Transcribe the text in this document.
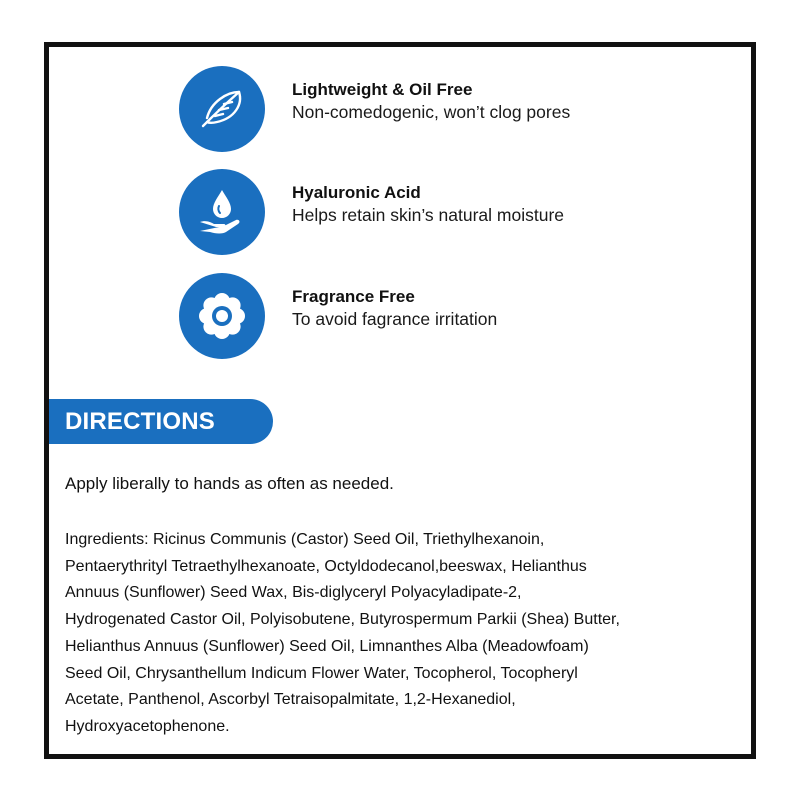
Lightweight & Oil Free
Non-comedogenic, won’t clog pores
Hyaluronic Acid
Helps retain skin’s natural moisture
Fragrance Free
To avoid fagrance irritation
DIRECTIONS
Apply liberally to hands as often as needed.
Ingredients: Ricinus Communis (Castor) Seed Oil, Triethylhexanoin,
Pentaerythrityl Tetraethylhexanoate, Octyldodecanol,beeswax, Helianthus
Annuus (Sunflower) Seed Wax, Bis-diglyceryl Polyacyladipate-2,
Hydrogenated Castor Oil, Polyisobutene, Butyrospermum Parkii (Shea) Butter,
Helianthus Annuus (Sunflower) Seed Oil, Limnanthes Alba (Meadowfoam)
Seed Oil, Chrysanthellum Indicum Flower Water, Tocopherol, Tocopheryl
Acetate, Panthenol, Ascorbyl Tetraisopalmitate, 1,2-Hexanediol,
Hydroxyacetophenone.
